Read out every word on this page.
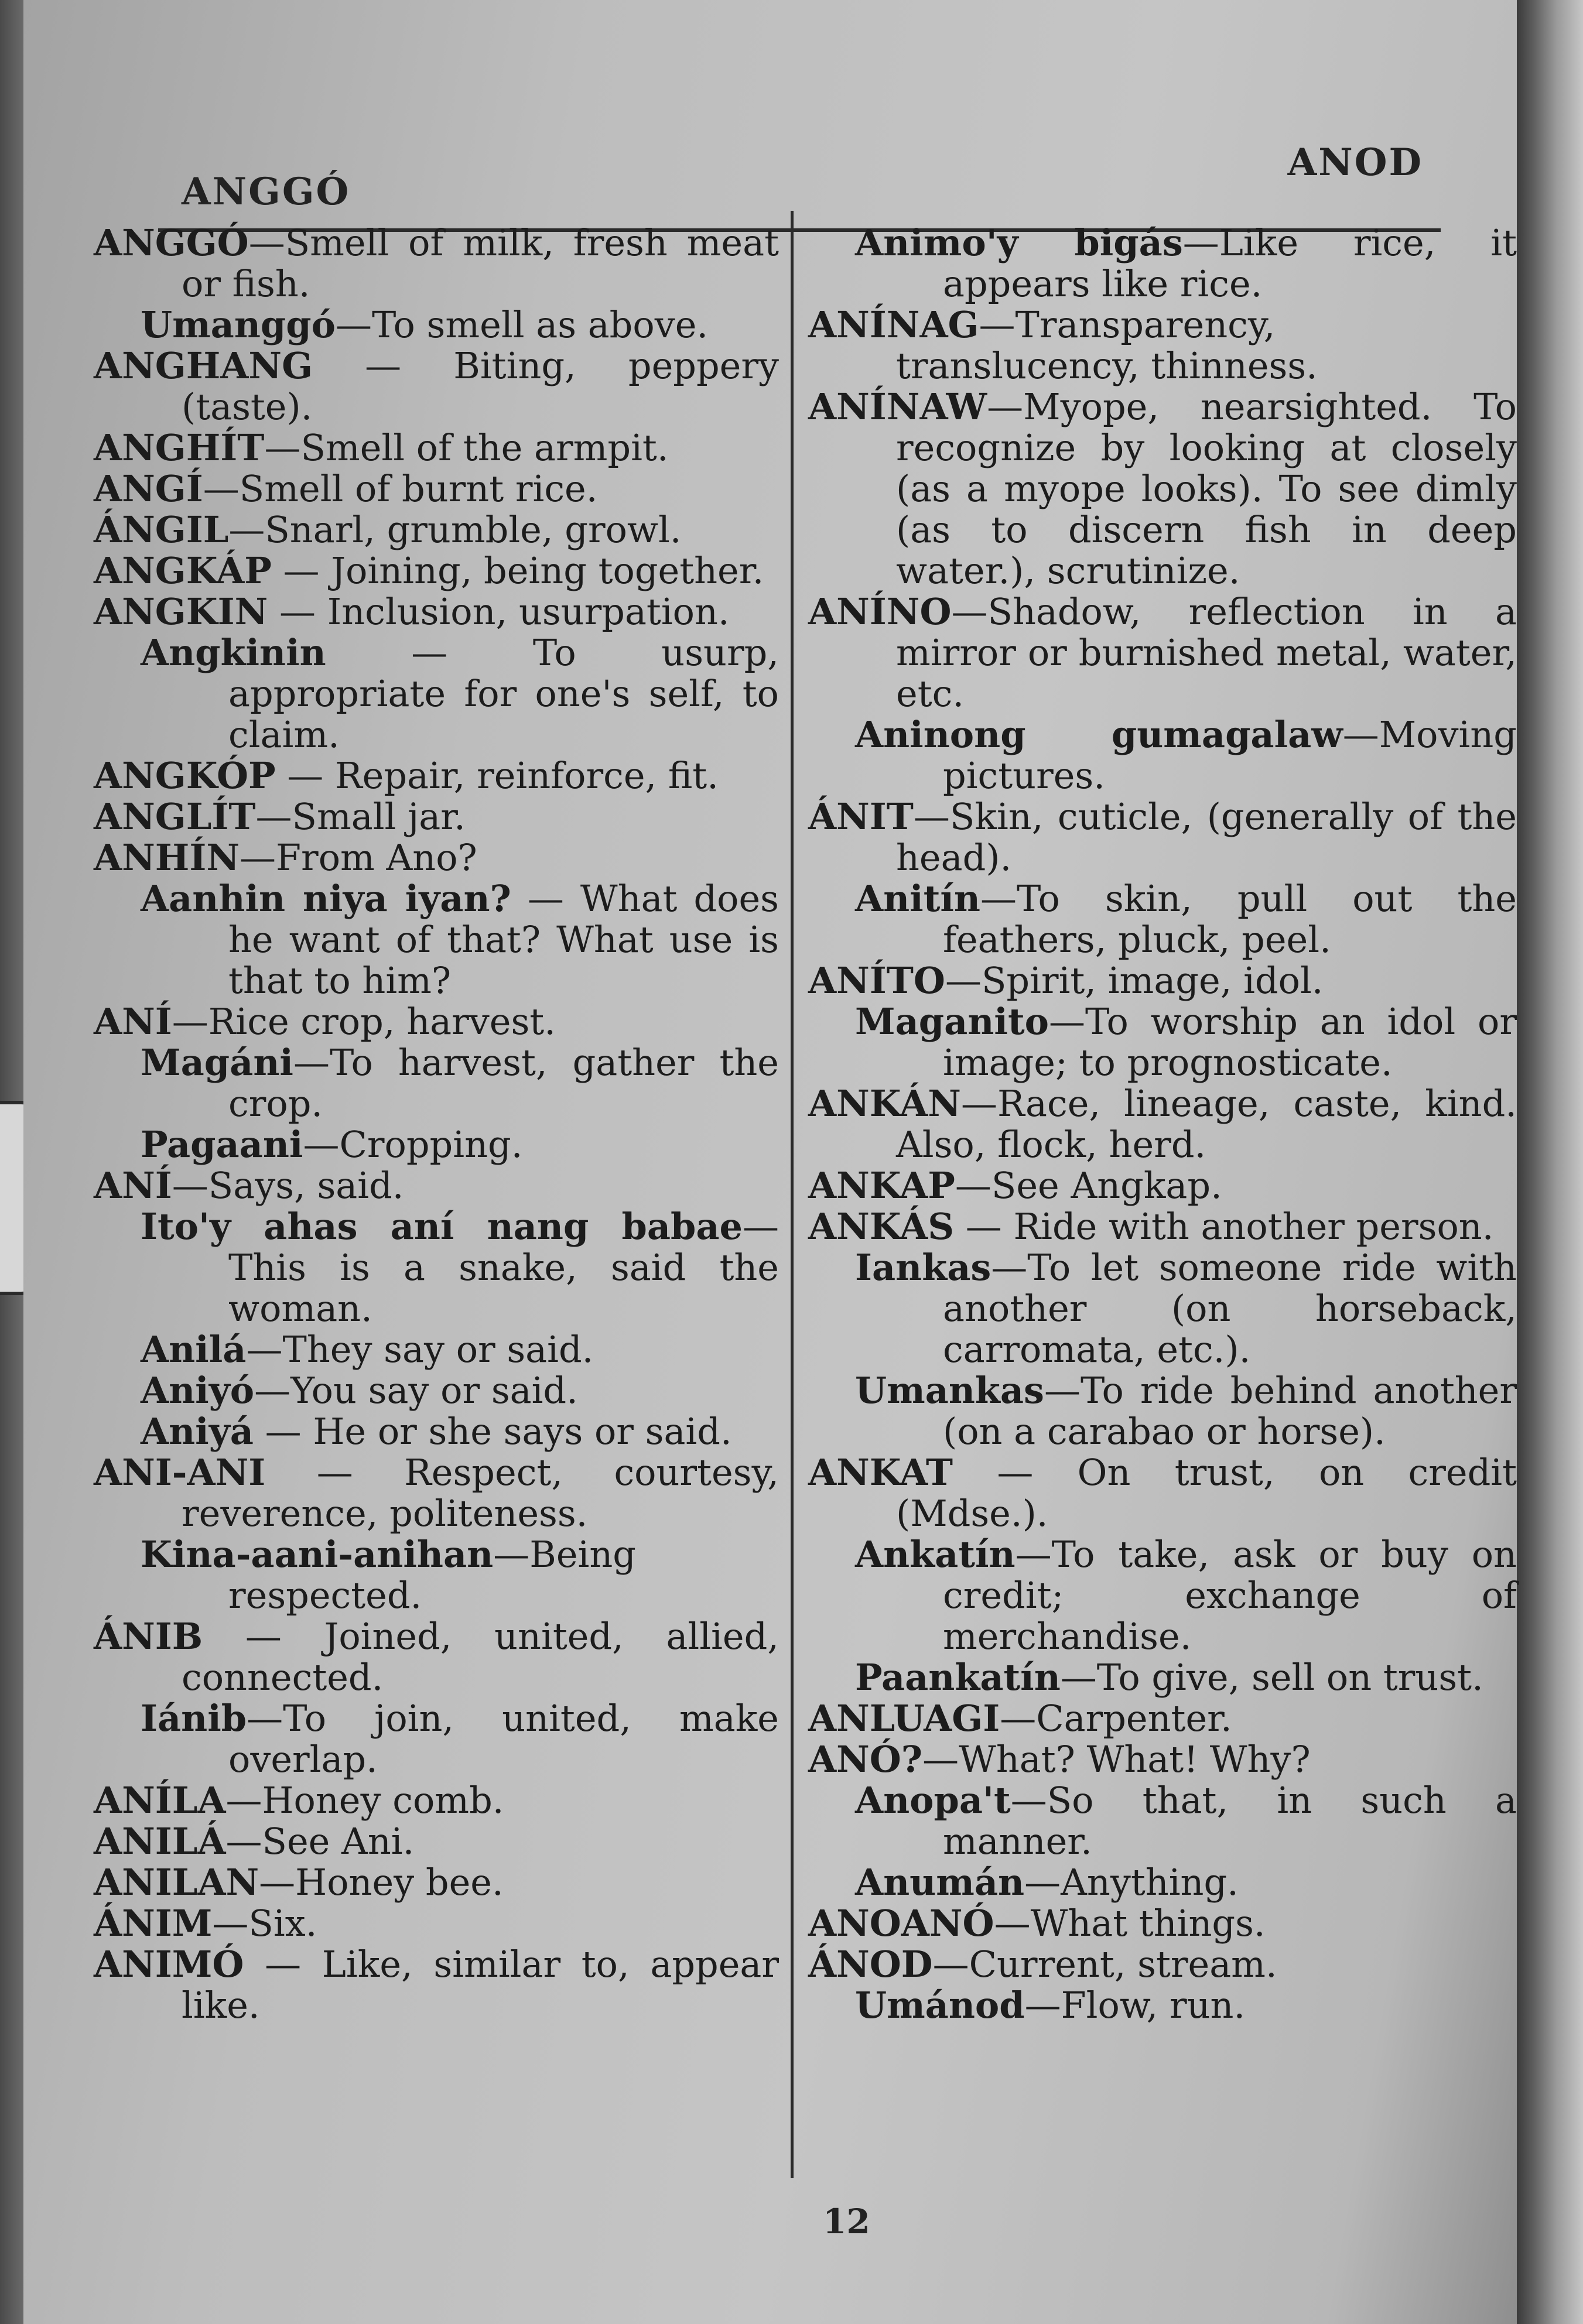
ANGGÓ
ANOD

ANGGÓ—Smell of milk, fresh meat or fish.

Umanggó—To smell as above.

ANGHANG — Biting, peppery (taste).

ANGHÍT—Smell of the armpit.

ANGÍ—Smell of burnt rice.

ÁNGIL—Snarl, grumble, growl.

ANGKÁP — Joining, being together.

ANGKIN — Inclusion, usurpation.

Angkinin — To usurp, appropriate for one's self, to claim.

ANGKÓP — Repair, reinforce, fit.

ANGLÍT—Small jar.

ANHÍN—From Ano?

Aanhin niya iyan? — What does he want of that? What use is that to him?

ANÍ—Rice crop, harvest.

Magáni—To harvest, gather the crop.

Pagaani—Cropping.

ANÍ—Says, said.

Ito'y ahas aní nang babae— This is a snake, said the woman.

Anilá—They say or said.

Aniyó—You say or said.

Aniyá — He or she says or said.

ANI-ANI — Respect, courtesy, reverence, politeness.

Kina-aani-anihan—Being respected.

ÁNIB — Joined, united, allied, connected.

Iánib—To join, united, make overlap.

ANÍLA—Honey comb.

ANILÁ—See Ani.

ANILAN—Honey bee.

ÁNIM—Six.

ANIMÓ — Like, similar to, appear like.

Animo'y bigás—Like rice, it appears like rice.

ANÍNAG—Transparency, translucency, thinness.

ANÍNAW—Myope, nearsighted. To recognize by looking at closely (as a myope looks). To see dimly (as to discern fish in deep water.), scrutinize.

ANÍNO—Shadow, reflection in a mirror or burnished metal, water, etc.

Aninong gumagalaw—Moving pictures.

ÁNIT—Skin, cuticle, (generally of the head).

Anitín—To skin, pull out the feathers, pluck, peel.

ANÍTO—Spirit, image, idol.

Maganito—To worship an idol or image; to prognosticate.

ANKÁN—Race, lineage, caste, kind. Also, flock, herd.

ANKAP—See Angkap.

ANKÁS — Ride with another person.

Iankas—To let someone ride with another (on horseback, carromata, etc.).

Umankas—To ride behind another (on a carabao or horse).

ANKAT — On trust, on credit (Mdse.).

Ankatín—To take, ask or buy on credit; exchange of merchandise.

Paankatín—To give, sell on trust.

ANLUAGI—Carpenter.

ANÓ?—What? What! Why?

Anopa't—So that, in such a manner.

Anumán—Anything.

ANOANÓ—What things.

ÁNOD—Current, stream.

Umánod—Flow, run.

12
